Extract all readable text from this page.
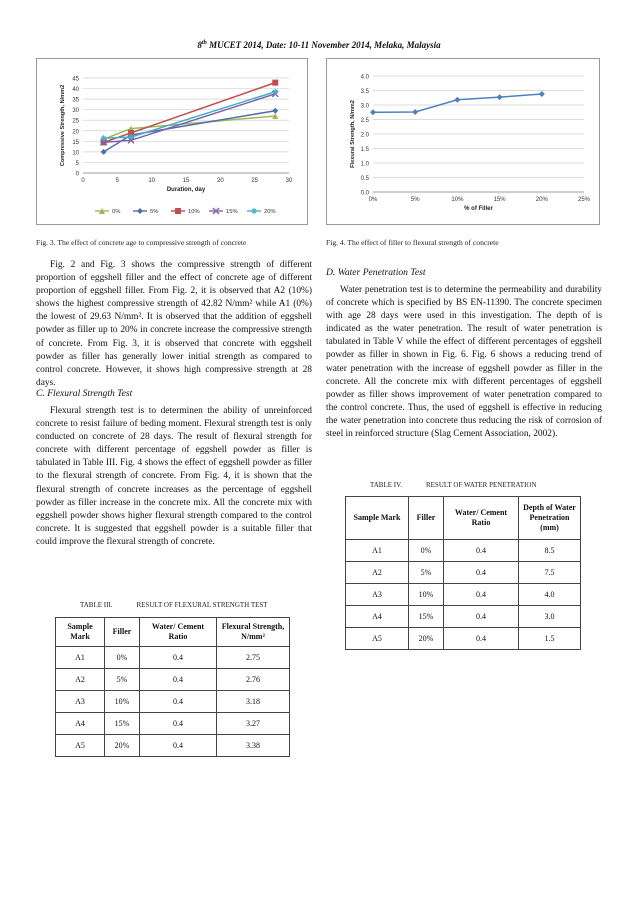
8th MUCET 2014, Date: 10-11 November 2014, Melaka, Malaysia
0
5
10
15
20
25
30
35
40
45
0	5	10	15	20	25	30
Duration, day
Compressive Strength, N/mm2
0%	5%	10%	15%	20%
0.0
0.5
1.0
1.5
2.0
2.5
3.0
3.5
4.0
0%	5%	10%	15%	20%	25%
% of Filler
Flexural Strength, N/mm2
Fig. 3. The effect of concrete age to compressive strength of concrete	Fig. 4. The effect of filler to flexural strength of concrete

Fig. 2 and Fig. 3 shows the compressive strength of different proportion of eggshell filler and the effect of concrete age of different proportion of eggshell filler. From Fig. 2, it is observed that A2 (10%) shows the highest compressive strength of 42.82 N/mm² while A1 (0%) the lowest of 29.63 N/mm². It is observed that the addition of eggshell powder as filler up to 20% in concrete increase the compressive strength of concrete. From Fig. 3, it is observed that concrete with eggshell powder as filler has generally lower initial strength as compared to control concrete. However, it shows high compressive strength at 28 days.

C. Flexural Strength Test

Flexural strength test is to determinen the ability of unreinforced concrete to resist failure of beding moment. Flexural strength test is only conducted on concrete of 28 days. The result of flexural strength for concrete with different percentage of eggshell powder as filler is tabulated in Table III. Fig. 4 shows the effect of eggshell powder as filler to the flexural strength of concrete. From Fig. 4, it is shown that the flexural strength of concrete increases as the percentage of eggshell powder as filler increase in the concrete mix. All the concrete mix with eggshell powder shows higher flexural strength compared to the control concrete. It is suggested that eggshell powder is a suitable filler that could improve the flexural strength of concrete.

TABLE III.	RESULT OF FLEXURAL STRENGTH TEST
Sample Mark	Filler	Water/ Cement Ratio	Flexural Strength, N/mm²
A1	0%	0.4	2.75
A2	5%	0.4	2.76
A3	10%	0.4	3.18
A4	15%	0.4	3.27
A5	20%	0.4	3.38

D. Water Penetration Test

Water penetration test is to determine the permeability and durability of concrete which is specified by BS EN-11390. The concrete specimen with age 28 days were used in this investigation. The depth of is indicated as the water penetration. The result of water penetration is tabulated in Table V while the effect of different percentages of eggshell powder as filler in shown in Fig. 6. Fig. 6 shows a reducing trend of water penetration with the increase of eggshell powder as filler in the concrete. All the concrete mix with different percentages of eggshell powder as filler shows improvement of water penetration compared to the control concrete. Thus, the used of eggshell is effective in reducing the water penetration into concrete thus reducing the risk of corrosion of steel in reinforced structure (Slag Cement Association, 2002).

TABLE IV.	RESULT OF WATER PENETRATION
Sample Mark	Filler	Water/ Cement Ratio	Depth of Water Penetration (mm)
A1	0%	0.4	8.5
A2	5%	0.4	7.5
A3	10%	0.4	4.0
A4	15%	0.4	3.0
A5	20%	0.4	1.5
